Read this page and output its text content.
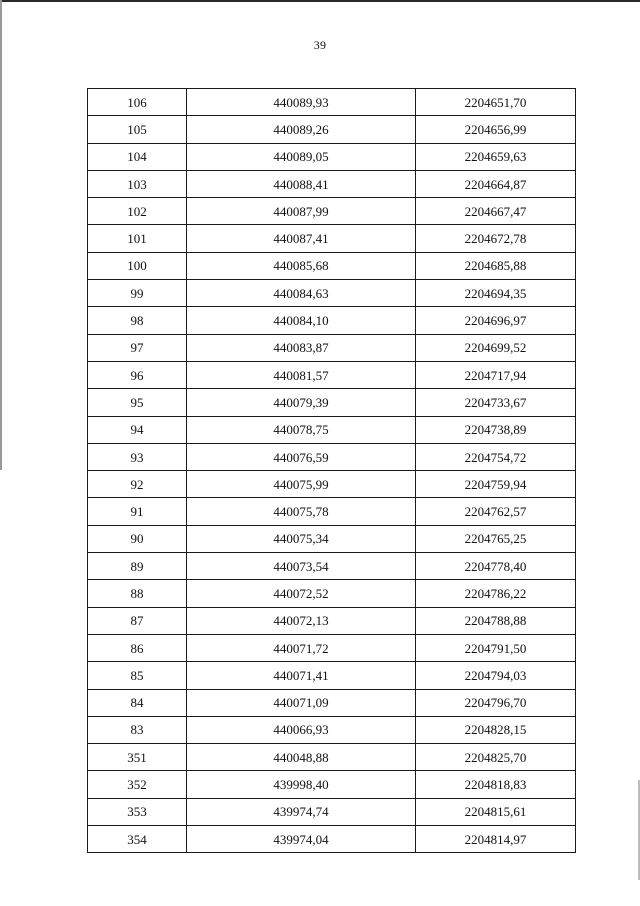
39
106	440089,93	2204651,70
105	440089,26	2204656,99
104	440089,05	2204659,63
103	440088,41	2204664,87
102	440087,99	2204667,47
101	440087,41	2204672,78
100	440085,68	2204685,88
99	440084,63	2204694,35
98	440084,10	2204696,97
97	440083,87	2204699,52
96	440081,57	2204717,94
95	440079,39	2204733,67
94	440078,75	2204738,89
93	440076,59	2204754,72
92	440075,99	2204759,94
91	440075,78	2204762,57
90	440075,34	2204765,25
89	440073,54	2204778,40
88	440072,52	2204786,22
87	440072,13	2204788,88
86	440071,72	2204791,50
85	440071,41	2204794,03
84	440071,09	2204796,70
83	440066,93	2204828,15
351	440048,88	2204825,70
352	439998,40	2204818,83
353	439974,74	2204815,61
354	439974,04	2204814,97
